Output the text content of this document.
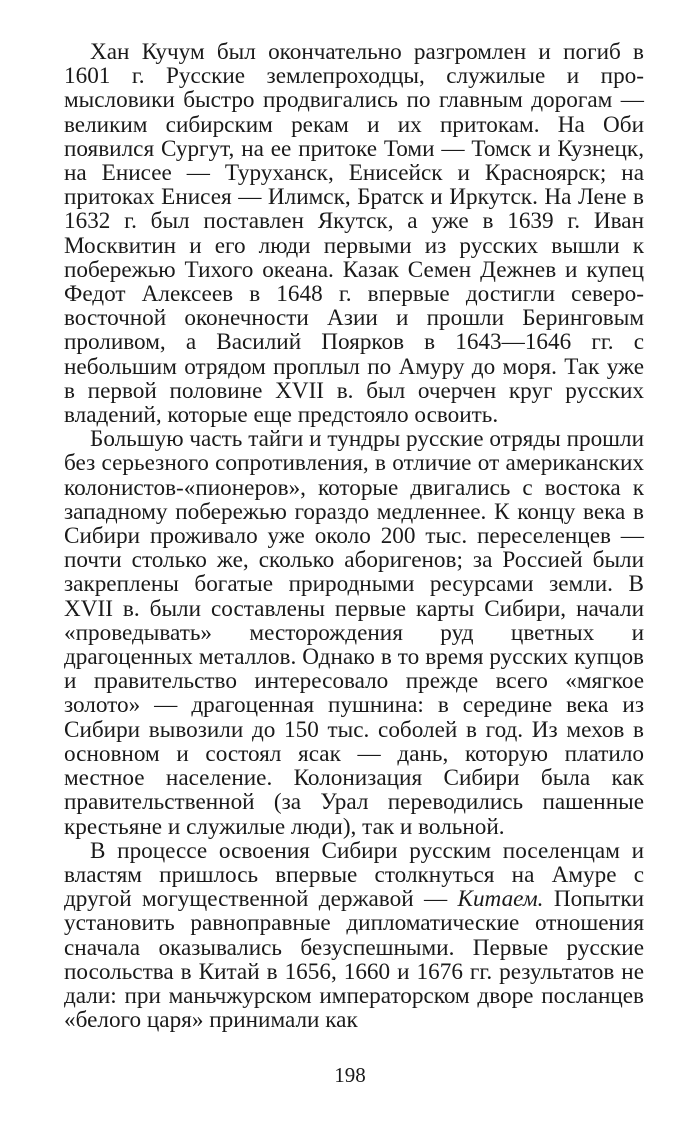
Хан Кучум был окончательно разгромлен и погиб в 1601 г. Русские землепроходцы, служилые и промысловики быстро продвигались по главным дорогам — великим сибирским рекам и их притокам. На Оби появился Сургут, на ее притоке Томи — Томск и Кузнецк, на Енисее — Туруханск, Енисейск и Красноярск; на притоках Енисея — Илимск, Братск и Иркутск. На Лене в 1632 г. был поставлен Якутск, а уже в 1639 г. Иван Москвитин и его люди первыми из русских вышли к побережью Тихого океана. Казак Семен Дежнев и купец Федот Алексеев в 1648 г. впервые достигли северо-восточной оконечности Азии и прошли Беринговым проливом, а Василий Поярков в 1643—1646 гг. с небольшим отрядом проплыл по Амуру до моря. Так уже в первой половине XVII в. был очерчен круг русских владений, которые еще предстояло освоить.

Большую часть тайги и тундры русские отряды прошли без серьезного сопротивления, в отличие от американских колонистов-«пионеров», которые двигались с востока к западному побережью гораздо медленнее. К концу века в Сибири проживало уже около 200 тыс. переселенцев — почти столько же, сколько аборигенов; за Россией были закреплены богатые природными ресурсами земли. В XVII в. были составлены первые карты Сибири, начали «проведывать» месторождения руд цветных и драгоценных металлов. Однако в то время русских купцов и правительство интересовало прежде всего «мягкое золото» — драгоценная пушнина: в середине века из Сибири вывозили до 150 тыс. соболей в год. Из мехов в основном и состоял ясак — дань, которую платило местное население. Колонизация Сибири была как правительственной (за Урал переводились пашенные крестьяне и служилые люди), так и вольной.

В процессе освоения Сибири русским поселенцам и властям пришлось впервые столкнуться на Амуре с другой могущественной державой — Китаем. Попытки установить равноправные дипломатические отношения сначала оказывались безуспешными. Первые русские посольства в Китай в 1656, 1660 и 1676 гг. результатов не дали: при маньчжурском императорском дворе посланцев «белого царя» принимали как

198
